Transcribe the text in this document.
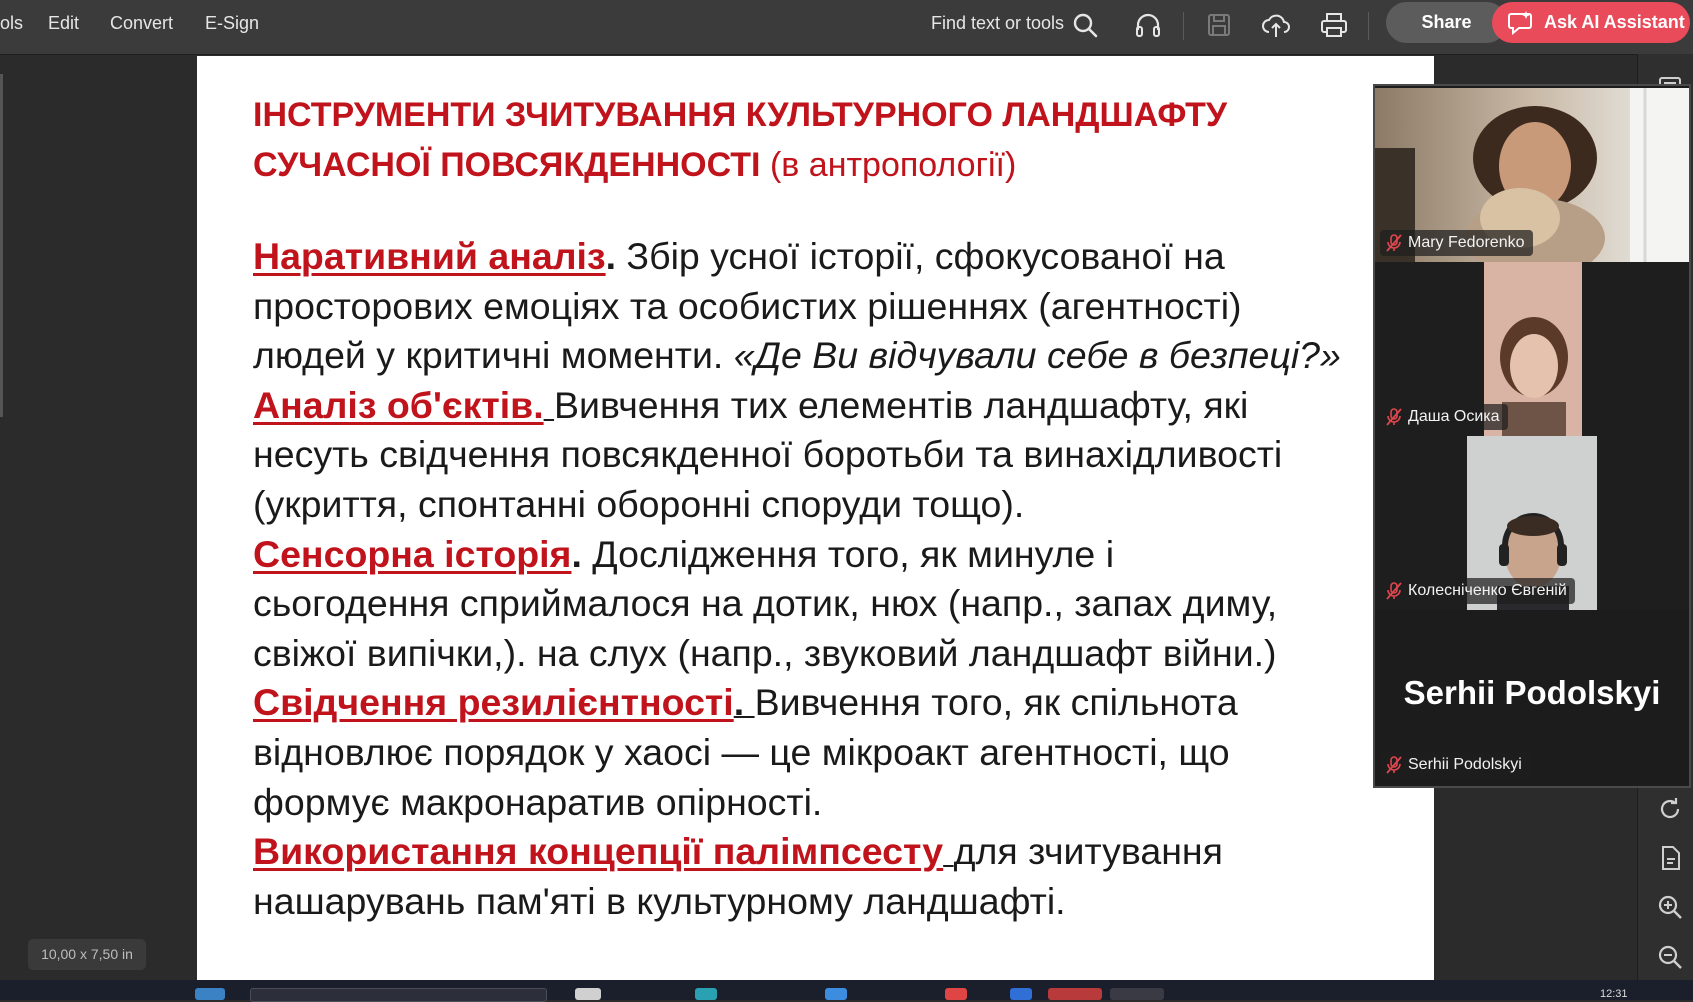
ols Edit Convert E-Sign	Find text or tools	Share	Ask AI Assistant
10,00 x 7,50 in
ІНСТРУМЕНТИ ЗЧИТУВАННЯ КУЛЬТУРНОГО ЛАНДШАФТУ
СУЧАСНОЇ ПОВСЯКДЕННОСТІ (в антропології)
Наративний аналіз. Збір усної історії, сфокусованої на
просторових емоціях та особистих рішеннях (агентності)
людей у критичні моменти. «Де Ви відчували себе в безпеці?»
Аналіз об'єктів. Вивчення тих елементів ландшафту, які
несуть свідчення повсякденної боротьби та винахідливості
(укриття, спонтанні оборонні споруди тощо).
Сенсорна історія. Дослідження того, як минуле і
сьогодення сприймалося на дотик, нюх (напр., запах диму,
свіжої випічки,). на слух (напр., звуковий ландшафт війни.)
Свідчення резилієнтності. Вивчення того, як спільнота
відновлює порядок у хаосі — це мікроакт агентності, що
формує макронаратив опірності.
Використання концепції палімпсесту для зчитування
нашарувань пам'яті в культурному ландшафті.
Mary Fedorenko
Даша Осика
Колесніченко Євгеній
Serhii Podolskyi
Serhii Podolskyi
12:31
